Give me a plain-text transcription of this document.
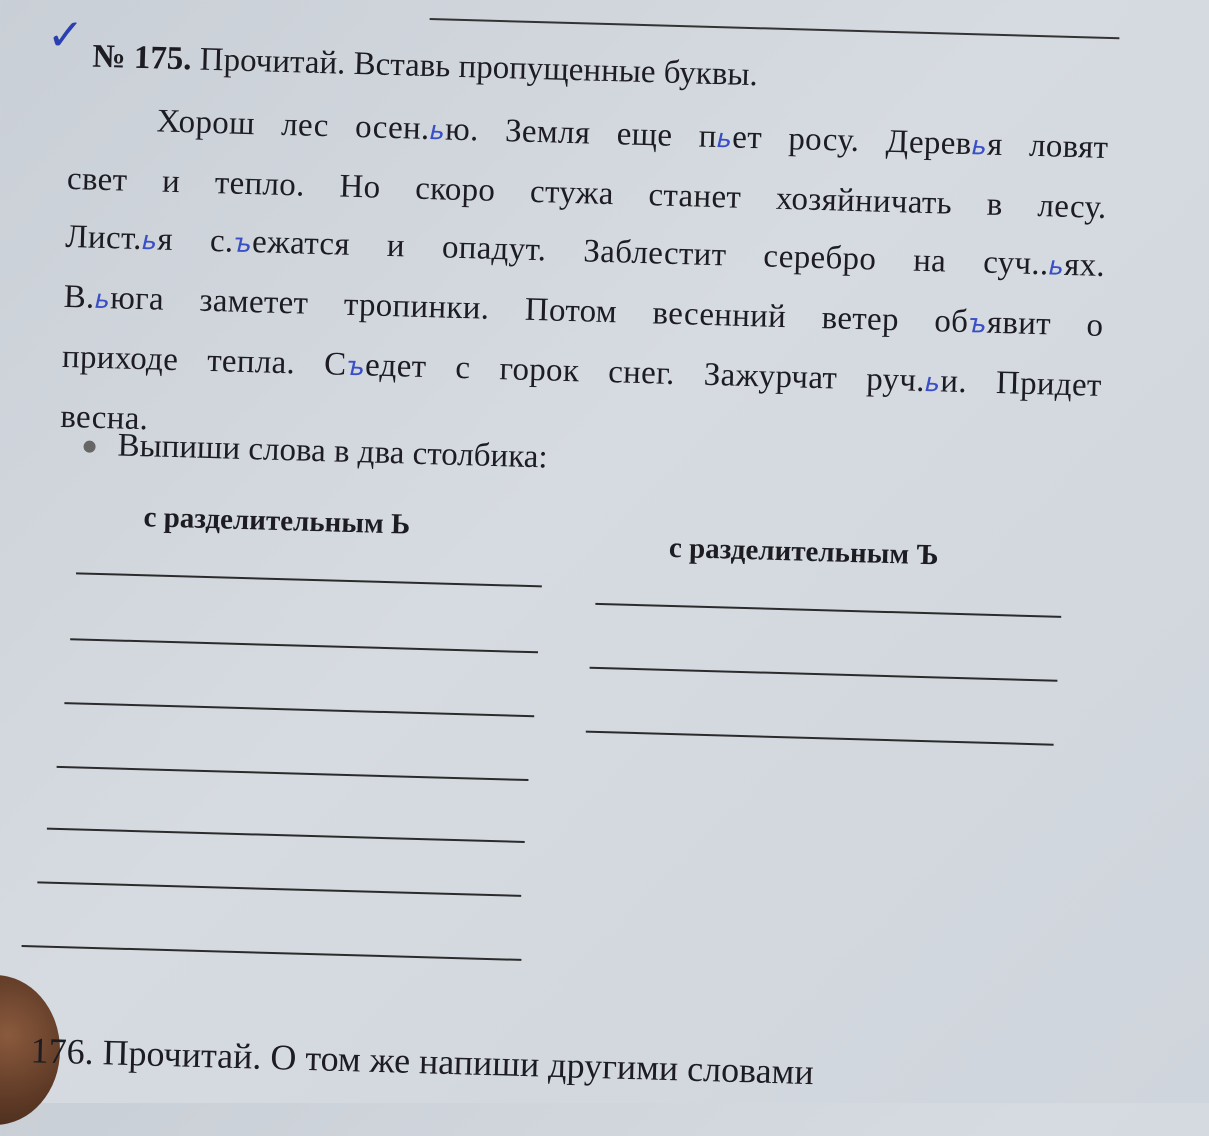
✓ № 175. Прочитай. Вставь пропущенные буквы.
Хорош лес осен.ью. Земля еще пьет росу. Деревья ловят
свет и тепло. Но скоро стужа станет хозяйничать в лесу.
Лист.ья с.ъежатся и опадут. Заблестит серебро на суч..ьях.
В.ьюга заметет тропинки. Потом весенний ветер объявит о
приходе тепла. Съедет с горок снег. Зажурчат руч.ьи. Придет
весна.
Выпиши слова в два столбика:
с разделительным Ь
с разделительным Ъ
176. Прочитай. О том же напиши другими словами
